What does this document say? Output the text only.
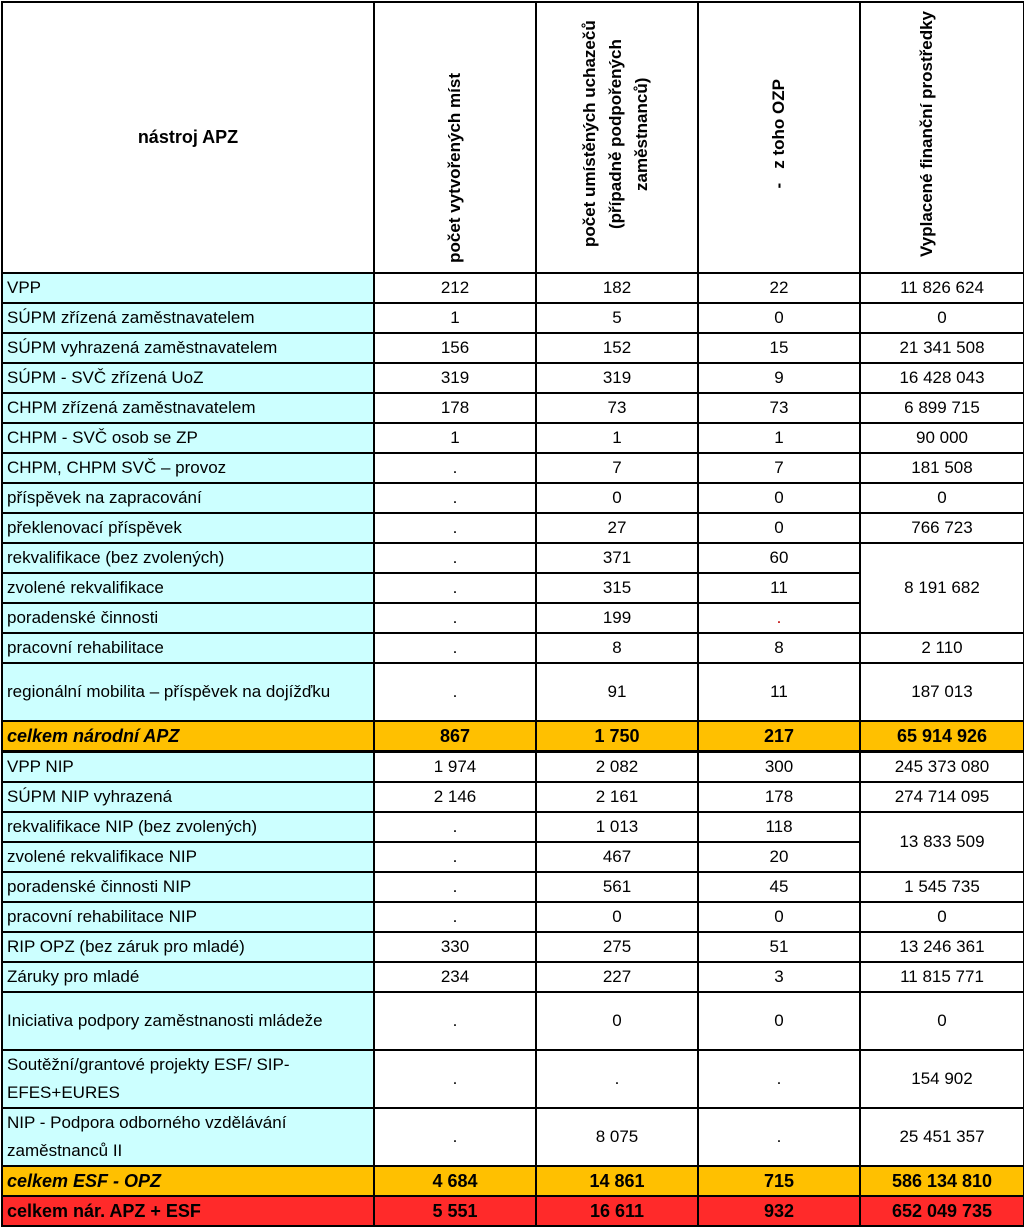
nástroj APZ	počet vytvořených míst	počet umístěných uchazečů (případně podpořených zaměstnanců)	-   z toho OZP	Vyplacené finanční prostředky
VPP	212	182	22	11 826 624
SÚPM zřízená zaměstnavatelem	1	5	0	0
SÚPM vyhrazená zaměstnavatelem	156	152	15	21 341 508
SÚPM - SVČ zřízená UoZ	319	319	9	16 428 043
CHPM zřízená zaměstnavatelem	178	73	73	6 899 715
CHPM - SVČ osob se ZP	1	1	1	90 000
CHPM, CHPM SVČ – provoz	.	7	7	181 508
příspěvek na zapracování	.	0	0	0
překlenovací příspěvek	.	27	0	766 723
rekvalifikace (bez zvolených)	.	371	60	8 191 682
zvolené rekvalifikace	.	315	11	
poradenské činnosti	.	199	.	
pracovní rehabilitace	.	8	8	2 110
regionální mobilita – příspěvek na dojížďku	.	91	11	187 013
celkem národní APZ	867	1 750	217	65 914 926
VPP NIP	1 974	2 082	300	245 373 080
SÚPM NIP vyhrazená	2 146	2 161	178	274 714 095
rekvalifikace NIP (bez zvolených)	.	1 013	118	13 833 509
zvolené rekvalifikace NIP	.	467	20	
poradenské činnosti NIP	.	561	45	1 545 735
pracovní rehabilitace NIP	.	0	0	0
RIP OPZ (bez záruk pro mladé)	330	275	51	13 246 361
Záruky pro mladé	234	227	3	11 815 771
Iniciativa podpory zaměstnanosti mládeže	.	0	0	0
Soutěžní/grantové projekty ESF/ SIP- EFES+EURES	.	.	.	154 902
NIP - Podpora odborného vzdělávání zaměstnanců II	.	8 075	.	25 451 357
celkem ESF - OPZ	4 684	14 861	715	586 134 810
celkem nár. APZ + ESF	5 551	16 611	932	652 049 735
